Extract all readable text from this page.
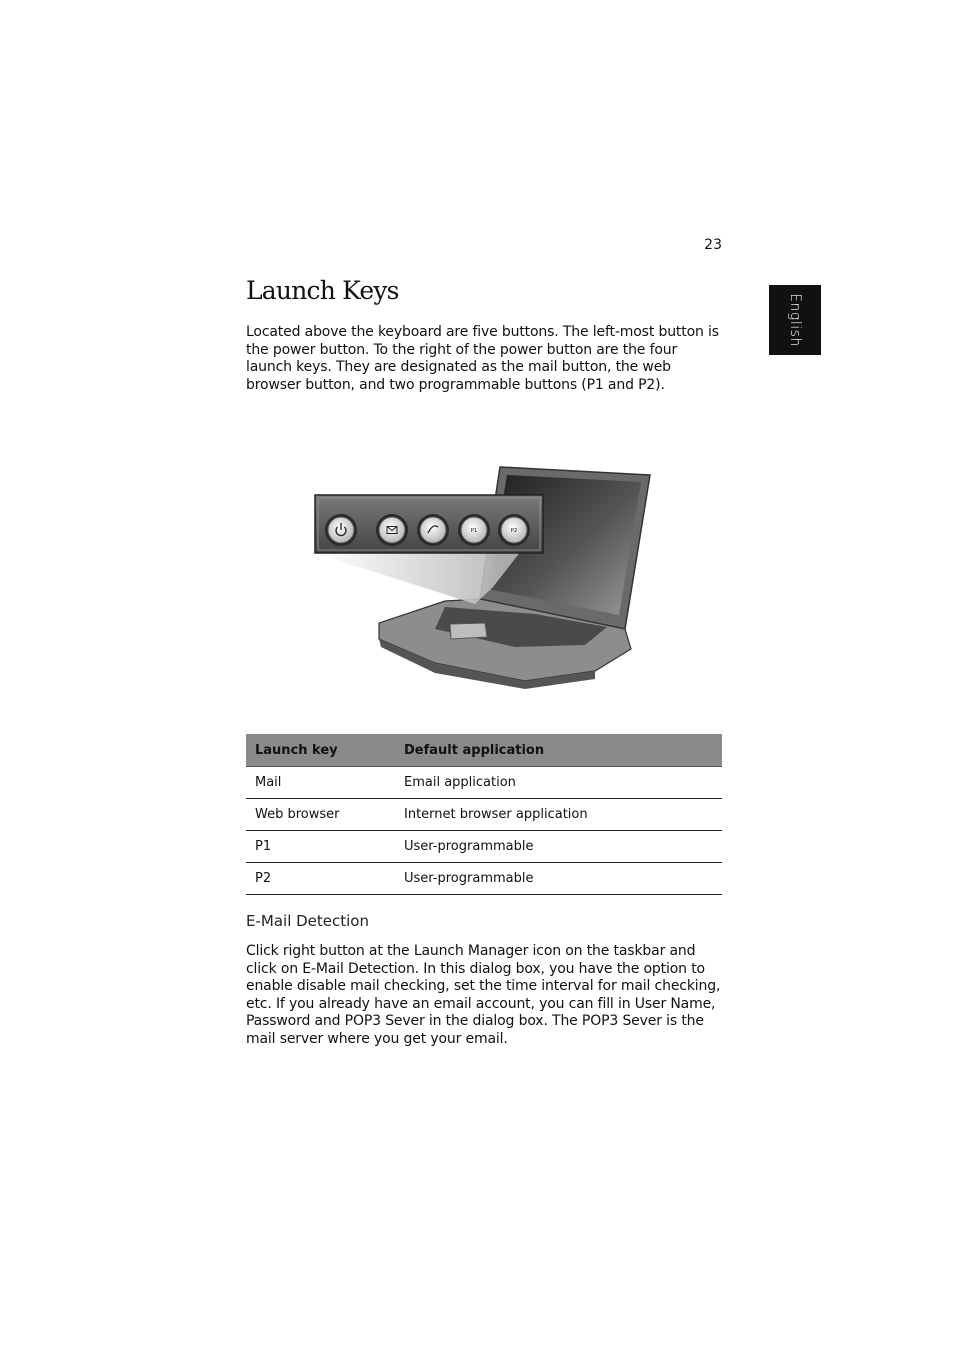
23
English
Launch Keys

Located above the keyboard are five buttons. The left-most button is the power button. To the right of the power button are the four launch keys. They are designated as the mail button, the web browser button, and two programmable buttons (P1 and P2).

P1	P2
Launch key	Default application
Mail	Email application
Web browser	Internet browser application
P1	User-programmable
P2	User-programmable
E-Mail Detection

Click right button at the Launch Manager icon on the taskbar and click on E-Mail Detection. In this dialog box, you have the option to enable disable mail checking, set the time interval for mail checking, etc. If you already have an email account, you can fill in User Name, Password and POP3 Sever in the dialog box. The POP3 Sever is the mail server where you get your email.
